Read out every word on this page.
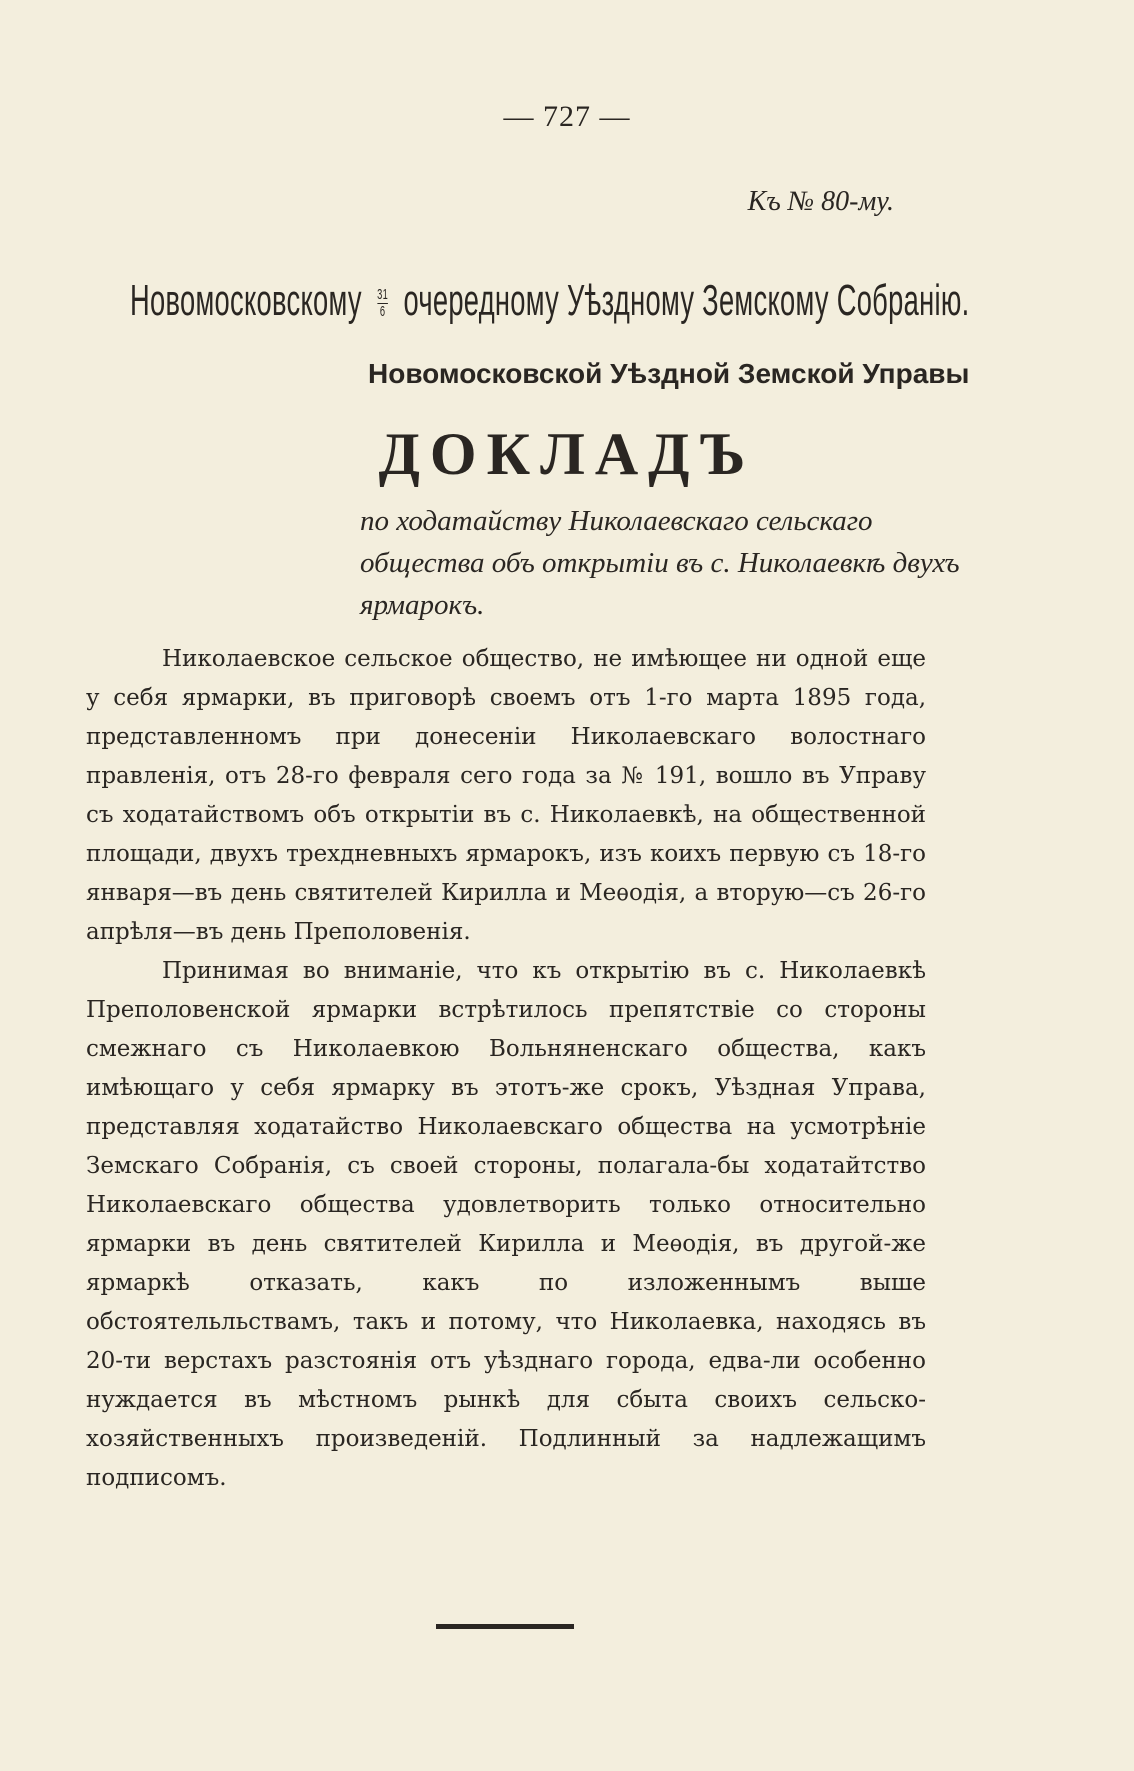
— 727 —
Къ № 80-му.
Новомосковскому $\frac{31}{6}$ очередному Уѣздному Земскому Собранію.
Новомосковской Уѣздной Земской Управы
ДОКЛАДЪ
по ходатайству Николаевскаго сельскаго общества объ открытіи въ с. Николаевкѣ двухъ ярмарокъ.

Николаевское сельское общество, не имѣющее ни одной еще у себя ярмарки, въ приговорѣ своемъ отъ 1-го марта 1895 года, представленномъ при донесеніи Николаевскаго волостнаго правленія, отъ 28-го февраля сего года за № 191, вошло въ Управу съ ходатайствомъ объ открытіи въ с. Николаевкѣ, на общественной площади, двухъ трехдневныхъ ярмарокъ, изъ коихъ первую съ 18-го января—въ день святителей Кирилла и Меѳодія, а вторую—съ 26-го апрѣля—въ день Преполовенія.

Принимая во вниманіе, что къ открытію въ с. Николаевкѣ Преполовенской ярмарки встрѣтилось препятствіе со стороны смежнаго съ Николаевкою Вольняненскаго общества, какъ имѣющаго у себя ярмарку въ этотъ-же срокъ, Уѣздная Управа, представляя ходатайство Николаевскаго общества на усмотрѣніе Земскаго Собранія, съ своей стороны, полагала-бы ходатайтство Николаевскаго общества удовлетворить только относительно ярмарки въ день святителей Кирилла и Меѳодія, въ другой-же ярмаркѣ отказать, какъ по изложеннымъ выше обстоятельльствамъ, такъ и потому, что Николаевка, находясь въ 20-ти верстахъ разстоянія отъ уѣзднаго города, едва-ли особенно нуждается въ мѣстномъ рынкѣ для сбыта своихъ сельско-хозяйственныхъ произведеній. Подлинный за надлежащимъ подписомъ.
